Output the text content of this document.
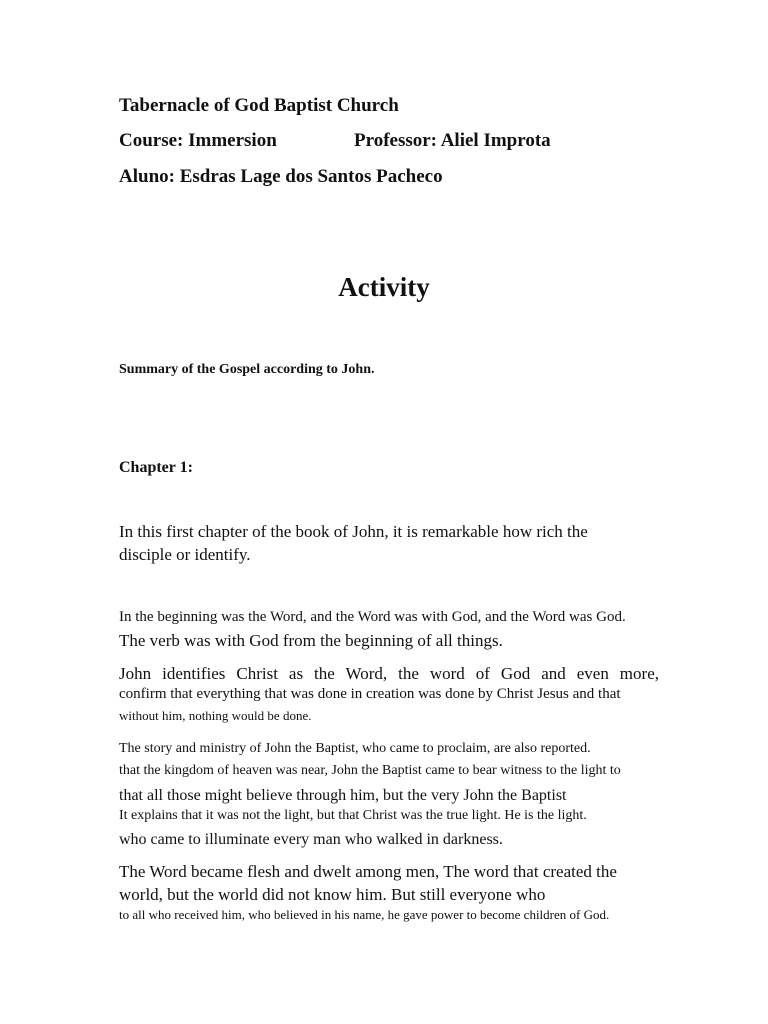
Tabernacle of God Baptist Church
Course: Immersion	Professor: Aliel Improta
Aluno: Esdras Lage dos Santos Pacheco
Activity
Summary of the Gospel according to John.
Chapter 1:
In this first chapter of the book of John, it is remarkable how rich the
disciple or identify.
In the beginning was the Word, and the Word was with God, and the Word was God.
The verb was with God from the beginning of all things.
John identifies Christ as the Word, the word of God and even more,
confirm that everything that was done in creation was done by Christ Jesus and that
without him, nothing would be done.
The story and ministry of John the Baptist, who came to proclaim, are also reported.
that the kingdom of heaven was near, John the Baptist came to bear witness to the light to
that all those might believe through him, but the very John the Baptist
It explains that it was not the light, but that Christ was the true light. He is the light.
who came to illuminate every man who walked in darkness.
The Word became flesh and dwelt among men, The word that created the
world, but the world did not know him. But still everyone who
to all who received him, who believed in his name, he gave power to become children of God.
